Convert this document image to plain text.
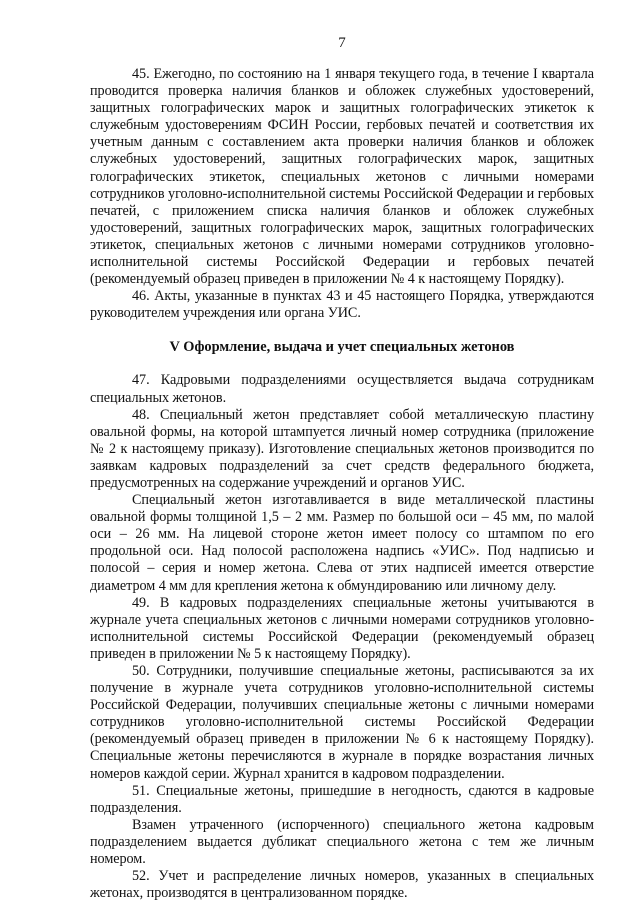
7

45. Ежегодно, по состоянию на 1 января текущего года, в течение I квартала проводится проверка наличия бланков и обложек служебных удостоверений, защитных голографических марок и защитных голографических этикеток к служебным удостоверениям ФСИН России, гербовых печатей и соответствия их учетным данным с составлением акта проверки наличия бланков и обложек служебных удостоверений, защитных голографических марок, защитных голографических этикеток, специальных жетонов с личными номерами сотрудников уголовно-исполнительной системы Российской Федерации и гербовых печатей, с приложением списка наличия бланков и обложек служебных удостоверений, защитных голографических марок, защитных голографических этикеток, специальных жетонов с личными номерами сотрудников уголовно-исполнительной системы Российской Федерации и гербовых печатей (рекомендуемый образец приведен в приложении № 4 к настоящему Порядку).

46. Акты, указанные в пунктах 43 и 45 настоящего Порядка, утверждаются руководителем учреждения или органа УИС.

V Оформление, выдача и учет специальных жетонов

47. Кадровыми подразделениями осуществляется выдача сотрудникам специальных жетонов.

48. Специальный жетон представляет собой металлическую пластину овальной формы, на которой штампуется личный номер сотрудника (приложение № 2 к настоящему приказу). Изготовление специальных жетонов производится по заявкам кадровых подразделений за счет средств федерального бюджета, предусмотренных на содержание учреждений и органов УИС.

Специальный жетон изготавливается в виде металлической пластины овальной формы толщиной 1,5 – 2 мм. Размер по большой оси – 45 мм, по малой оси – 26 мм. На лицевой стороне жетон имеет полосу со штампом по его продольной оси. Над полосой расположена надпись «УИС». Под надписью и полосой – серия и номер жетона. Слева от этих надписей имеется отверстие диаметром 4 мм для крепления жетона к обмундированию или личному делу.

49. В кадровых подразделениях специальные жетоны учитываются в журнале учета специальных жетонов с личными номерами сотрудников уголовно-исполнительной системы Российской Федерации (рекомендуемый образец приведен в приложении № 5 к настоящему Порядку).

50. Сотрудники, получившие специальные жетоны, расписываются за их получение в журнале учета сотрудников уголовно-исполнительной системы Российской Федерации, получивших специальные жетоны с личными номерами сотрудников уголовно-исполнительной системы Российской Федерации (рекомендуемый образец приведен в приложении № 6 к настоящему Порядку). Специальные жетоны перечисляются в журнале в порядке возрастания личных номеров каждой серии. Журнал хранится в кадровом подразделении.

51. Специальные жетоны, пришедшие в негодность, сдаются в кадровые подразделения.

Взамен утраченного (испорченного) специального жетона кадровым подразделением выдается дубликат специального жетона с тем же личным номером.

52. Учет и распределение личных номеров, указанных в специальных жетонах, производятся в централизованном порядке.
